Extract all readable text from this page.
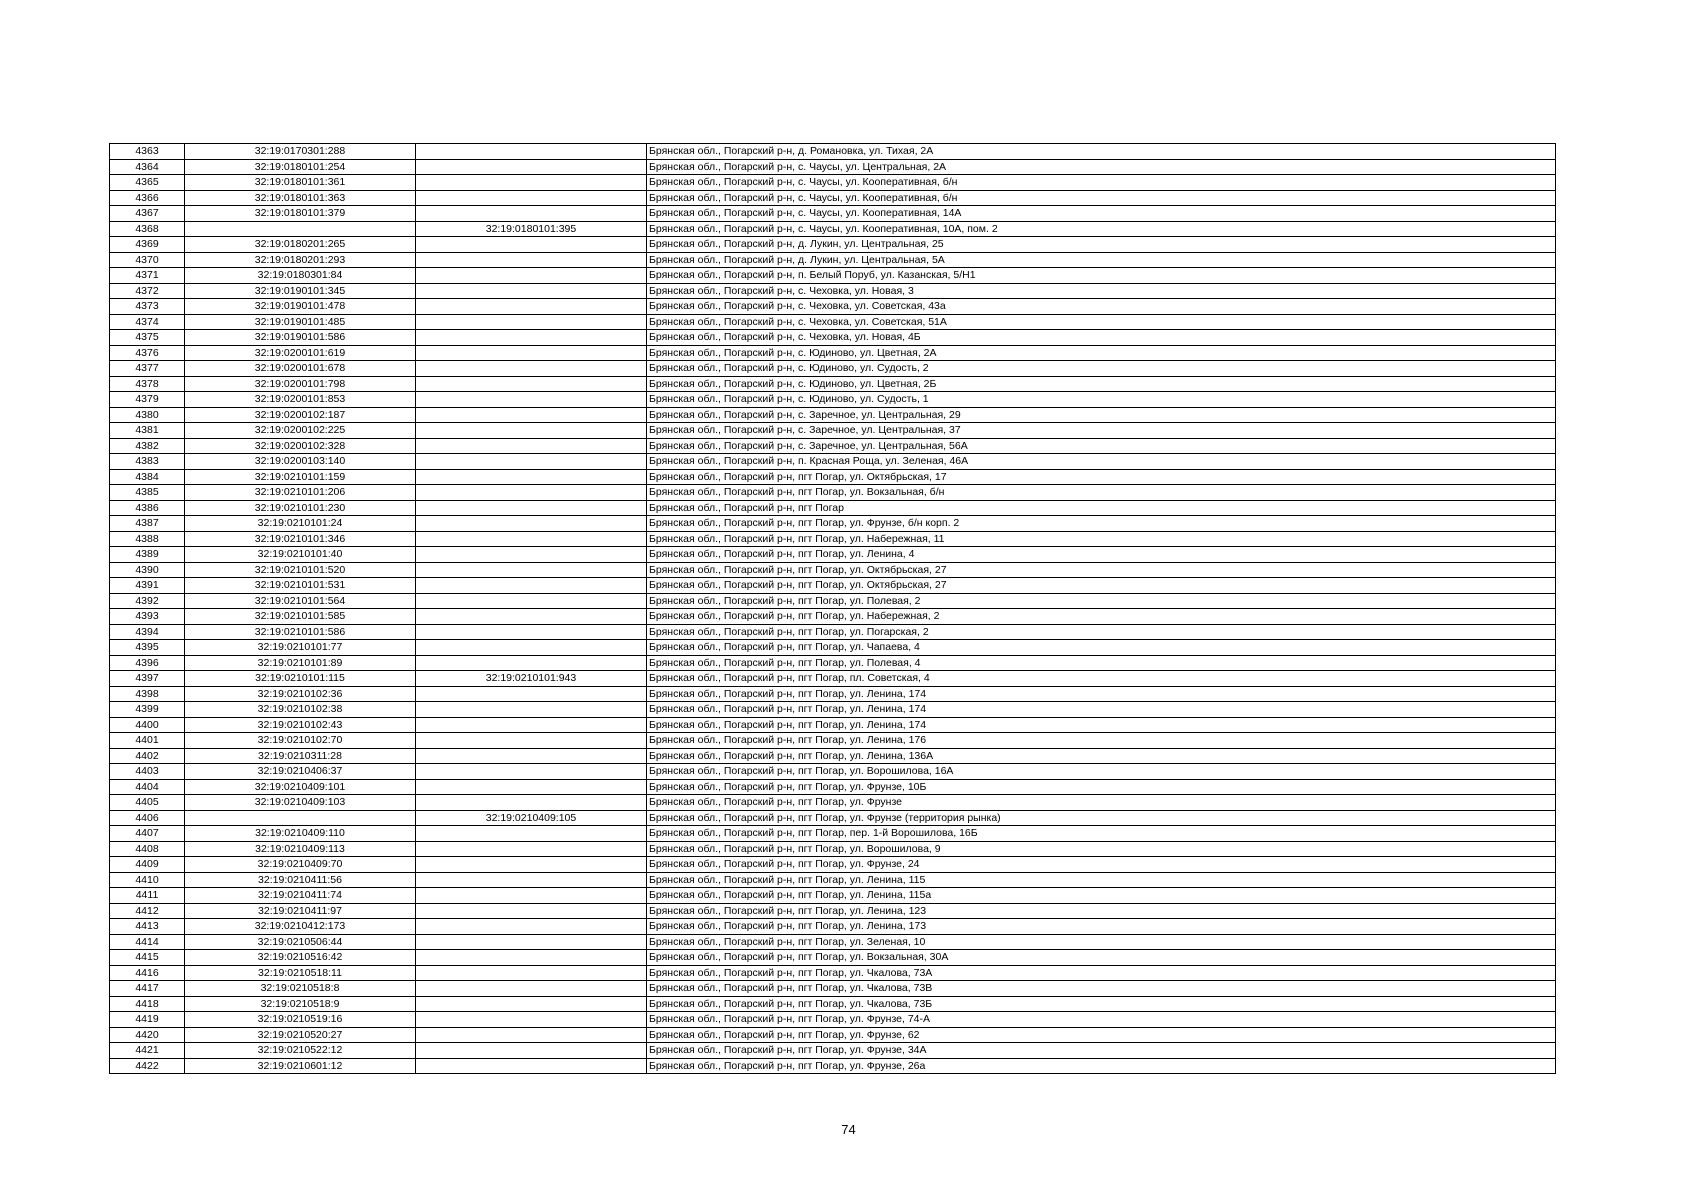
4363	32:19:0170301:288		Брянская обл., Погарский р-н, д. Романовка, ул. Тихая, 2А
4364	32:19:0180101:254		Брянская обл., Погарский р-н, с. Чаусы, ул. Центральная, 2А
4365	32:19:0180101:361		Брянская обл., Погарский р-н, с. Чаусы, ул. Кооперативная, б/н
4366	32:19:0180101:363		Брянская обл., Погарский р-н, с. Чаусы, ул. Кооперативная, б/н
4367	32:19:0180101:379		Брянская обл., Погарский р-н, с. Чаусы, ул. Кооперативная, 14А
4368		32:19:0180101:395	Брянская обл., Погарский р-н, с. Чаусы, ул. Кооперативная, 10А, пом. 2
4369	32:19:0180201:265		Брянская обл., Погарский р-н, д. Лукин, ул. Центральная, 25
4370	32:19:0180201:293		Брянская обл., Погарский р-н, д. Лукин, ул. Центральная, 5А
4371	32:19:0180301:84		Брянская обл., Погарский р-н, п. Белый Поруб, ул. Казанская, 5/Н1
4372	32:19:0190101:345		Брянская обл., Погарский р-н, с. Чеховка, ул. Новая, 3
4373	32:19:0190101:478		Брянская обл., Погарский р-н, с. Чеховка, ул. Советская, 43а
4374	32:19:0190101:485		Брянская обл., Погарский р-н, с. Чеховка, ул. Советская, 51А
4375	32:19:0190101:586		Брянская обл., Погарский р-н, с. Чеховка, ул. Новая, 4Б
4376	32:19:0200101:619		Брянская обл., Погарский р-н, с. Юдиново, ул. Цветная, 2А
4377	32:19:0200101:678		Брянская обл., Погарский р-н, с. Юдиново, ул. Судость, 2
4378	32:19:0200101:798		Брянская обл., Погарский р-н, с. Юдиново, ул. Цветная, 2Б
4379	32:19:0200101:853		Брянская обл., Погарский р-н, с. Юдиново, ул. Судость, 1
4380	32:19:0200102:187		Брянская обл., Погарский р-н, с. Заречное, ул. Центральная, 29
4381	32:19:0200102:225		Брянская обл., Погарский р-н, с. Заречное, ул. Центральная, 37
4382	32:19:0200102:328		Брянская обл., Погарский р-н, с. Заречное, ул. Центральная, 56А
4383	32:19:0200103:140		Брянская обл., Погарский р-н, п. Красная Роща, ул. Зеленая, 46А
4384	32:19:0210101:159		Брянская обл., Погарский р-н, пгт Погар, ул. Октябрьская, 17
4385	32:19:0210101:206		Брянская обл., Погарский р-н, пгт Погар, ул. Вокзальная, б/н
4386	32:19:0210101:230		Брянская обл., Погарский р-н, пгт Погар
4387	32:19:0210101:24		Брянская обл., Погарский р-н, пгт Погар, ул. Фрунзе, б/н корп. 2
4388	32:19:0210101:346		Брянская обл., Погарский р-н, пгт Погар, ул. Набережная, 11
4389	32:19:0210101:40		Брянская обл., Погарский р-н, пгт Погар, ул. Ленина, 4
4390	32:19:0210101:520		Брянская обл., Погарский р-н, пгт Погар, ул. Октябрьская, 27
4391	32:19:0210101:531		Брянская обл., Погарский р-н, пгт Погар, ул. Октябрьская, 27
4392	32:19:0210101:564		Брянская обл., Погарский р-н, пгт Погар, ул. Полевая, 2
4393	32:19:0210101:585		Брянская обл., Погарский р-н, пгт Погар, ул. Набережная, 2
4394	32:19:0210101:586		Брянская обл., Погарский р-н, пгт Погар, ул. Погарская, 2
4395	32:19:0210101:77		Брянская обл., Погарский р-н, пгт Погар, ул. Чапаева, 4
4396	32:19:0210101:89		Брянская обл., Погарский р-н, пгт Погар, ул. Полевая, 4
4397	32:19:0210101:115	32:19:0210101:943	Брянская обл., Погарский р-н, пгт Погар, пл. Советская, 4
4398	32:19:0210102:36		Брянская обл., Погарский р-н, пгт Погар, ул. Ленина, 174
4399	32:19:0210102:38		Брянская обл., Погарский р-н, пгт Погар, ул. Ленина, 174
4400	32:19:0210102:43		Брянская обл., Погарский р-н, пгт Погар, ул. Ленина, 174
4401	32:19:0210102:70		Брянская обл., Погарский р-н, пгт Погар, ул. Ленина, 176
4402	32:19:0210311:28		Брянская обл., Погарский р-н, пгт Погар, ул. Ленина, 136А
4403	32:19:0210406:37		Брянская обл., Погарский р-н, пгт Погар, ул. Ворошилова, 16А
4404	32:19:0210409:101		Брянская обл., Погарский р-н, пгт Погар, ул. Фрунзе, 10Б
4405	32:19:0210409:103		Брянская обл., Погарский р-н, пгт Погар, ул. Фрунзе
4406		32:19:0210409:105	Брянская обл., Погарский р-н, пгт Погар, ул. Фрунзе (территория рынка)
4407	32:19:0210409:110		Брянская обл., Погарский р-н, пгт Погар, пер. 1-й Ворошилова, 16Б
4408	32:19:0210409:113		Брянская обл., Погарский р-н, пгт Погар, ул. Ворошилова, 9
4409	32:19:0210409:70		Брянская обл., Погарский р-н, пгт Погар, ул. Фрунзе, 24
4410	32:19:0210411:56		Брянская обл., Погарский р-н, пгт Погар, ул. Ленина, 115
4411	32:19:0210411:74		Брянская обл., Погарский р-н, пгт Погар, ул. Ленина, 115а
4412	32:19:0210411:97		Брянская обл., Погарский р-н, пгт Погар, ул. Ленина, 123
4413	32:19:0210412:173		Брянская обл., Погарский р-н, пгт Погар, ул. Ленина, 173
4414	32:19:0210506:44		Брянская обл., Погарский р-н, пгт Погар, ул. Зеленая, 10
4415	32:19:0210516:42		Брянская обл., Погарский р-н, пгт Погар, ул. Вокзальная, 30А
4416	32:19:0210518:11		Брянская обл., Погарский р-н, пгт Погар, ул. Чкалова, 73А
4417	32:19:0210518:8		Брянская обл., Погарский р-н, пгт Погар, ул. Чкалова, 73В
4418	32:19:0210518:9		Брянская обл., Погарский р-н, пгт Погар, ул. Чкалова, 73Б
4419	32:19:0210519:16		Брянская обл., Погарский р-н, пгт Погар, ул. Фрунзе, 74-А
4420	32:19:0210520:27		Брянская обл., Погарский р-н, пгт Погар, ул. Фрунзе, 62
4421	32:19:0210522:12		Брянская обл., Погарский р-н, пгт Погар, ул. Фрунзе, 34А
4422	32:19:0210601:12		Брянская обл., Погарский р-н, пгт Погар, ул. Фрунзе, 26а
74
